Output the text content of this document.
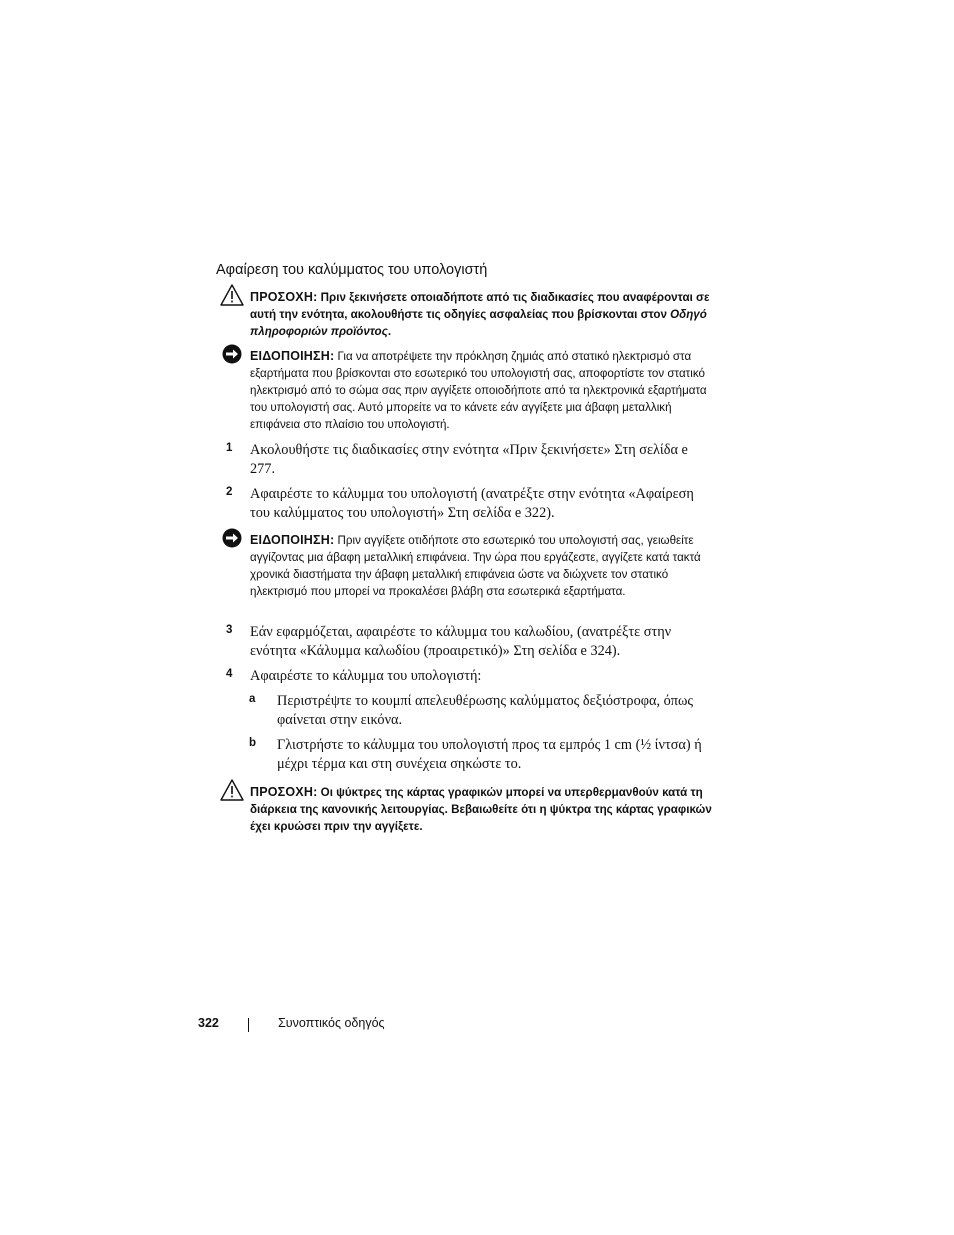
Αφαίρεση του καλύμματος του υπολογιστή
ΠΡΟΣΟΧΗ: Πριν ξεκινήσετε οποιαδήποτε από τις διαδικασίες που αναφέρονται σε αυτή την ενότητα, ακολουθήστε τις οδηγίες ασφαλείας που βρίσκονται στον Οδηγό πληροφοριών προϊόντος.
ΕΙΔΟΠΟΙΗΣΗ: Για να αποτρέψετε την πρόκληση ζημιάς από στατικό ηλεκτρισμό στα εξαρτήματα που βρίσκονται στο εσωτερικό του υπολογιστή σας, αποφορτίστε τον στατικό ηλεκτρισμό από το σώμα σας πριν αγγίξετε οποιοδήποτε από τα ηλεκτρονικά εξαρτήματα του υπολογιστή σας. Αυτό μπορείτε να το κάνετε εάν αγγίξετε μια άβαφη μεταλλική επιφάνεια στο πλαίσιο του υπολογιστή.
1 Ακολουθήστε τις διαδικασίες στην ενότητα «Πριν ξεκινήσετε» Στη σελίδα e 277.
2 Αφαιρέστε το κάλυμμα του υπολογιστή (ανατρέξτε στην ενότητα «Αφαίρεση του καλύμματος του υπολογιστή» Στη σελίδα e 322).
ΕΙΔΟΠΟΙΗΣΗ: Πριν αγγίξετε οτιδήποτε στο εσωτερικό του υπολογιστή σας, γειωθείτε αγγίζοντας μια άβαφη μεταλλική επιφάνεια. Την ώρα που εργάζεστε, αγγίζετε κατά τακτά χρονικά διαστήματα την άβαφη μεταλλική επιφάνεια ώστε να διώχνετε τον στατικό ηλεκτρισμό που μπορεί να προκαλέσει βλάβη στα εσωτερικά εξαρτήματα.
3 Εάν εφαρμόζεται, αφαιρέστε το κάλυμμα του καλωδίου, (ανατρέξτε στην ενότητα «Κάλυμμα καλωδίου (προαιρετικό)» Στη σελίδα e 324).
4 Αφαιρέστε το κάλυμμα του υπολογιστή:
a Περιστρέψτε το κουμπί απελευθέρωσης καλύμματος δεξιόστροφα, όπως φαίνεται στην εικόνα.
b Γλιστρήστε το κάλυμμα του υπολογιστή προς τα εμπρός 1 cm (½ ίντσα) ή μέχρι τέρμα και στη συνέχεια σηκώστε το.
ΠΡΟΣΟΧΗ: Οι ψύκτρες της κάρτας γραφικών μπορεί να υπερθερμανθούν κατά τη διάρκεια της κανονικής λειτουργίας. Βεβαιωθείτε ότι η ψύκτρα της κάρτας γραφικών έχει κρυώσει πριν την αγγίξετε.
322	Συνοπτικός οδηγός
